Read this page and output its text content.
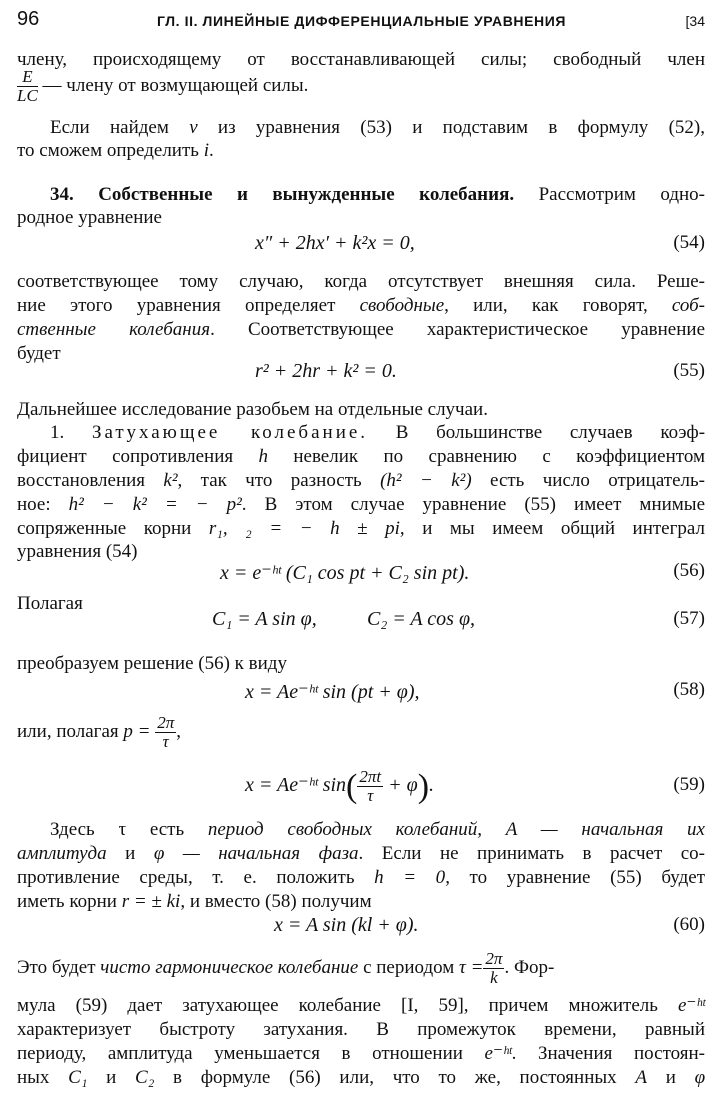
96	ГЛ. II. ЛИНЕЙНЫЕ ДИФФЕРЕНЦИАЛЬНЫЕ УРАВНЕНИЯ	[34
члену, происходящему от восстанавливающей силы; свободный член
$\frac{E}{LC}$ — члену от возмущающей силы.
Если найдем v из уравнения (53) и подставим в формулу (52),
то сможем определить i.
34. Собственные и вынужденные колебания. Рассмотрим одно-
родное уравнение
x″ + 2hx′ + k²x = 0,	(54)
соответствующее тому случаю, когда отсутствует внешняя сила. Реше-
ние этого уравнения определяет свободные, или, как говорят, соб-
ственные колебания. Соответствующее характеристическое уравнение
будет
r² + 2hr + k² = 0.	(55)
Дальнейшее исследование разобьем на отдельные случаи.
1. Затухающее колебание. В большинстве случаев коэф-
фициент сопротивления h невелик по сравнению с коэффициентом
восстановления k², так что разность (h² − k²) есть число отрицатель-
ное: h² − k² = − p². В этом случае уравнение (55) имеет мнимые
сопряженные корни r₁, ₂ = − h ± pi, и мы имеем общий интеграл
уравнения (54)
x = e⁻ʰᵗ (C₁ cos pt + C₂ sin pt).	(56)
Полагая
C₁ = A sin φ,	C₂ = A cos φ,	(57)
преобразуем решение (56) к виду
x = Ae⁻ʰᵗ sin (pt + φ),	(58)
или, полагая $p = \frac{2\pi}{\tau}$ ,
x = Ae⁻ʰᵗ $\sin( \frac{2\pi t}{\tau} + \varphi)$.	(59)
Здесь τ есть период свободных колебаний, A — начальная их
амплитуда и φ — начальная фаза. Если не принимать в расчет со-
противление среды, т. е. положить h = 0, то уравнение (55) будет
иметь корни r = ± ki, и вместо (58) получим
x = A sin (kl + φ).	(60)
Это будет чисто гармоническое колебание с периодом $\tau = \frac{2\pi}{k}$ . Фор-
мула (59) дает затухающее колебание [I, 59], причем множитель e⁻ʰᵗ
характеризует быстроту затухания. В промежуток времени, равный
периоду, амплитуда уменьшается в отношении e⁻ʰᵗ. Значения постоян-
ных C₁ и C₂ в формуле (56) или, что то же, постоянных A и φ
